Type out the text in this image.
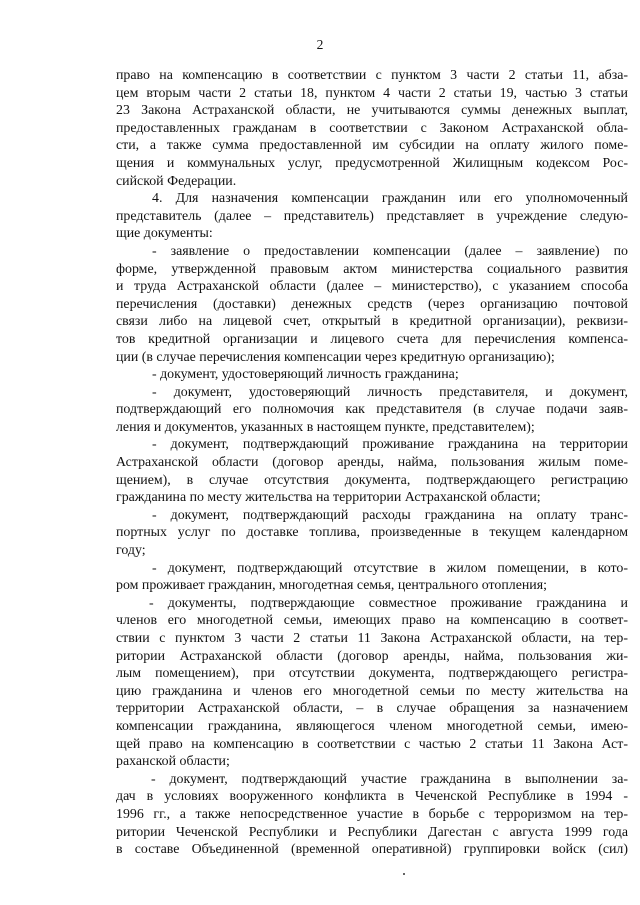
2
право на компенсацию в соответствии с пунктом 3 части 2 статьи 11, абза-
цем вторым части 2 статьи 18, пунктом 4 части 2 статьи 19, частью 3 статьи
23 Закона Астраханской области, не учитываются суммы денежных выплат,
предоставленных гражданам в соответствии с Законом Астраханской обла-
сти, а также сумма предоставленной им субсидии на оплату жилого поме-
щения и коммунальных услуг, предусмотренной Жилищным кодексом Рос-
сийской Федерации.
4. Для назначения компенсации гражданин или его уполномоченный
представитель (далее – представитель) представляет в учреждение следую-
щие документы:
- заявление о предоставлении компенсации (далее – заявление) по
форме, утвержденной правовым актом министерства социального развития
и труда Астраханской области (далее – министерство), с указанием способа
перечисления (доставки) денежных средств (через организацию почтовой
связи либо на лицевой счет, открытый в кредитной организации), реквизи-
тов кредитной организации и лицевого счета для перечисления компенса-
ции (в случае перечисления компенсации через кредитную организацию);
- документ, удостоверяющий личность гражданина;
- документ, удостоверяющий личность представителя, и документ,
подтверждающий его полномочия как представителя (в случае подачи заяв-
ления и документов, указанных в настоящем пункте, представителем);
- документ, подтверждающий проживание гражданина на территории
Астраханской области (договор аренды, найма, пользования жилым поме-
щением), в случае отсутствия документа, подтверждающего регистрацию
гражданина по месту жительства на территории Астраханской области;
- документ, подтверждающий расходы гражданина на оплату транс-
портных услуг по доставке топлива, произведенные в текущем календарном
году;
- документ, подтверждающий отсутствие в жилом помещении, в кото-
ром проживает гражданин, многодетная семья, центрального отопления;
- документы, подтверждающие совместное проживание гражданина и
членов его многодетной семьи, имеющих право на компенсацию в соответ-
ствии с пунктом 3 части 2 статьи 11 Закона Астраханской области, на тер-
ритории Астраханской области (договор аренды, найма, пользования жи-
лым помещением), при отсутствии документа, подтверждающего регистра-
цию гражданина и членов его многодетной семьи по месту жительства на
территории Астраханской области, – в случае обращения за назначением
компенсации гражданина, являющегося членом многодетной семьи, имею-
щей право на компенсацию в соответствии с частью 2 статьи 11 Закона Аст-
раханской области;
- документ, подтверждающий участие гражданина в выполнении за-
дач в условиях вооруженного конфликта в Чеченской Республике в 1994 -
1996 гг., а также непосредственное участие в борьбе с терроризмом на тер-
ритории Чеченской Республики и Республики Дагестан с августа 1999 года
в составе Объединенной (временной оперативной) группировки войск (сил)
